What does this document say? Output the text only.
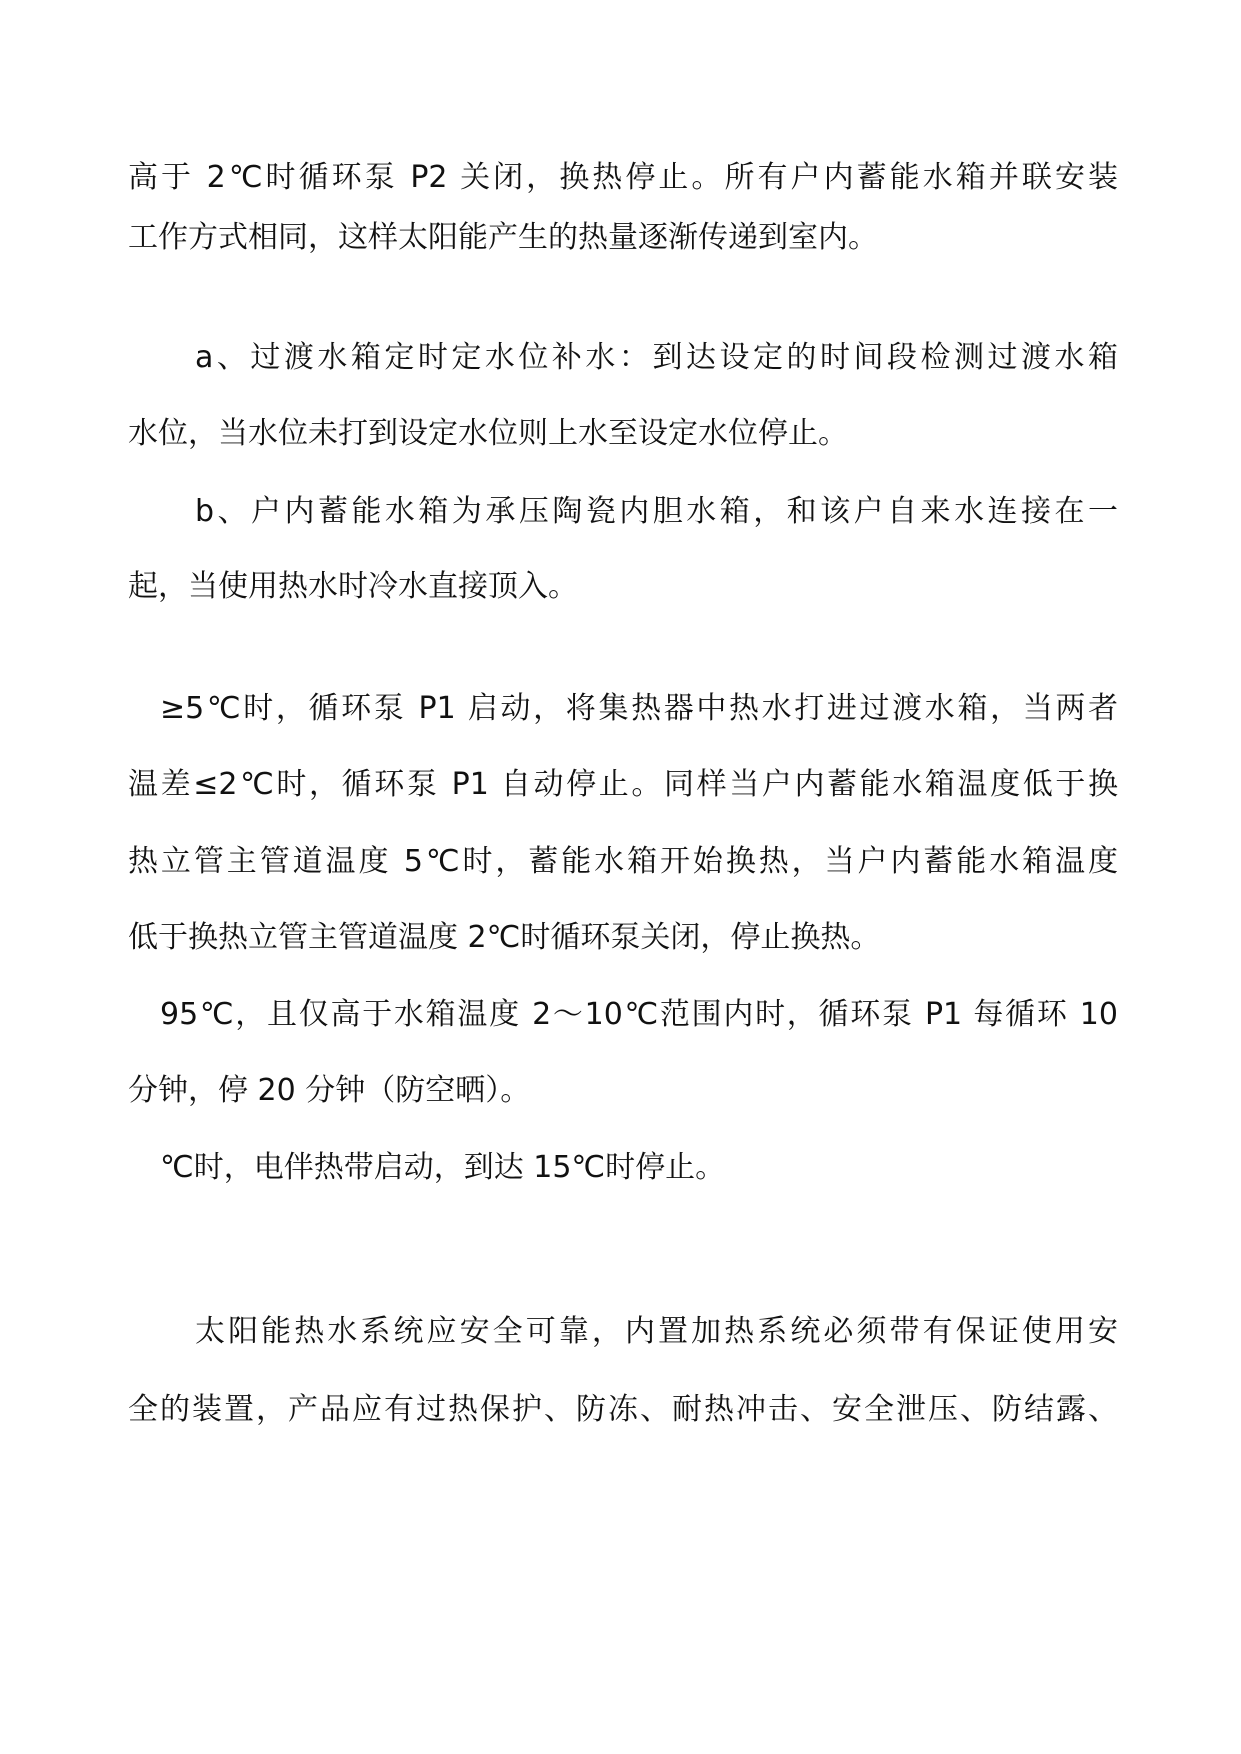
高于 2℃时循环泵 P2 关闭，换热停止。所有户内蓄能水箱并联安装
工作方式相同，这样太阳能产生的热量逐渐传递到室内。
a、过渡水箱定时定水位补水：到达设定的时间段检测过渡水箱
水位，当水位未打到设定水位则上水至设定水位停止。
b、户内蓄能水箱为承压陶瓷内胆水箱，和该户自来水连接在一
起，当使用热水时冷水直接顶入。
≥5℃时，循环泵 P1 启动，将集热器中热水打进过渡水箱，当两者
温差≤2℃时，循环泵 P1 自动停止。同样当户内蓄能水箱温度低于换
热立管主管道温度 5℃时，蓄能水箱开始换热，当户内蓄能水箱温度
低于换热立管主管道温度 2℃时循环泵关闭，停止换热。
95℃，且仅高于水箱温度 2～10℃范围内时，循环泵 P1 每循环 10
分钟，停 20 分钟（防空晒）。
℃时，电伴热带启动，到达 15℃时停止。
太阳能热水系统应安全可靠，内置加热系统必须带有保证使用安
全的装置，产品应有过热保护、防冻、耐热冲击、安全泄压、防结露、
